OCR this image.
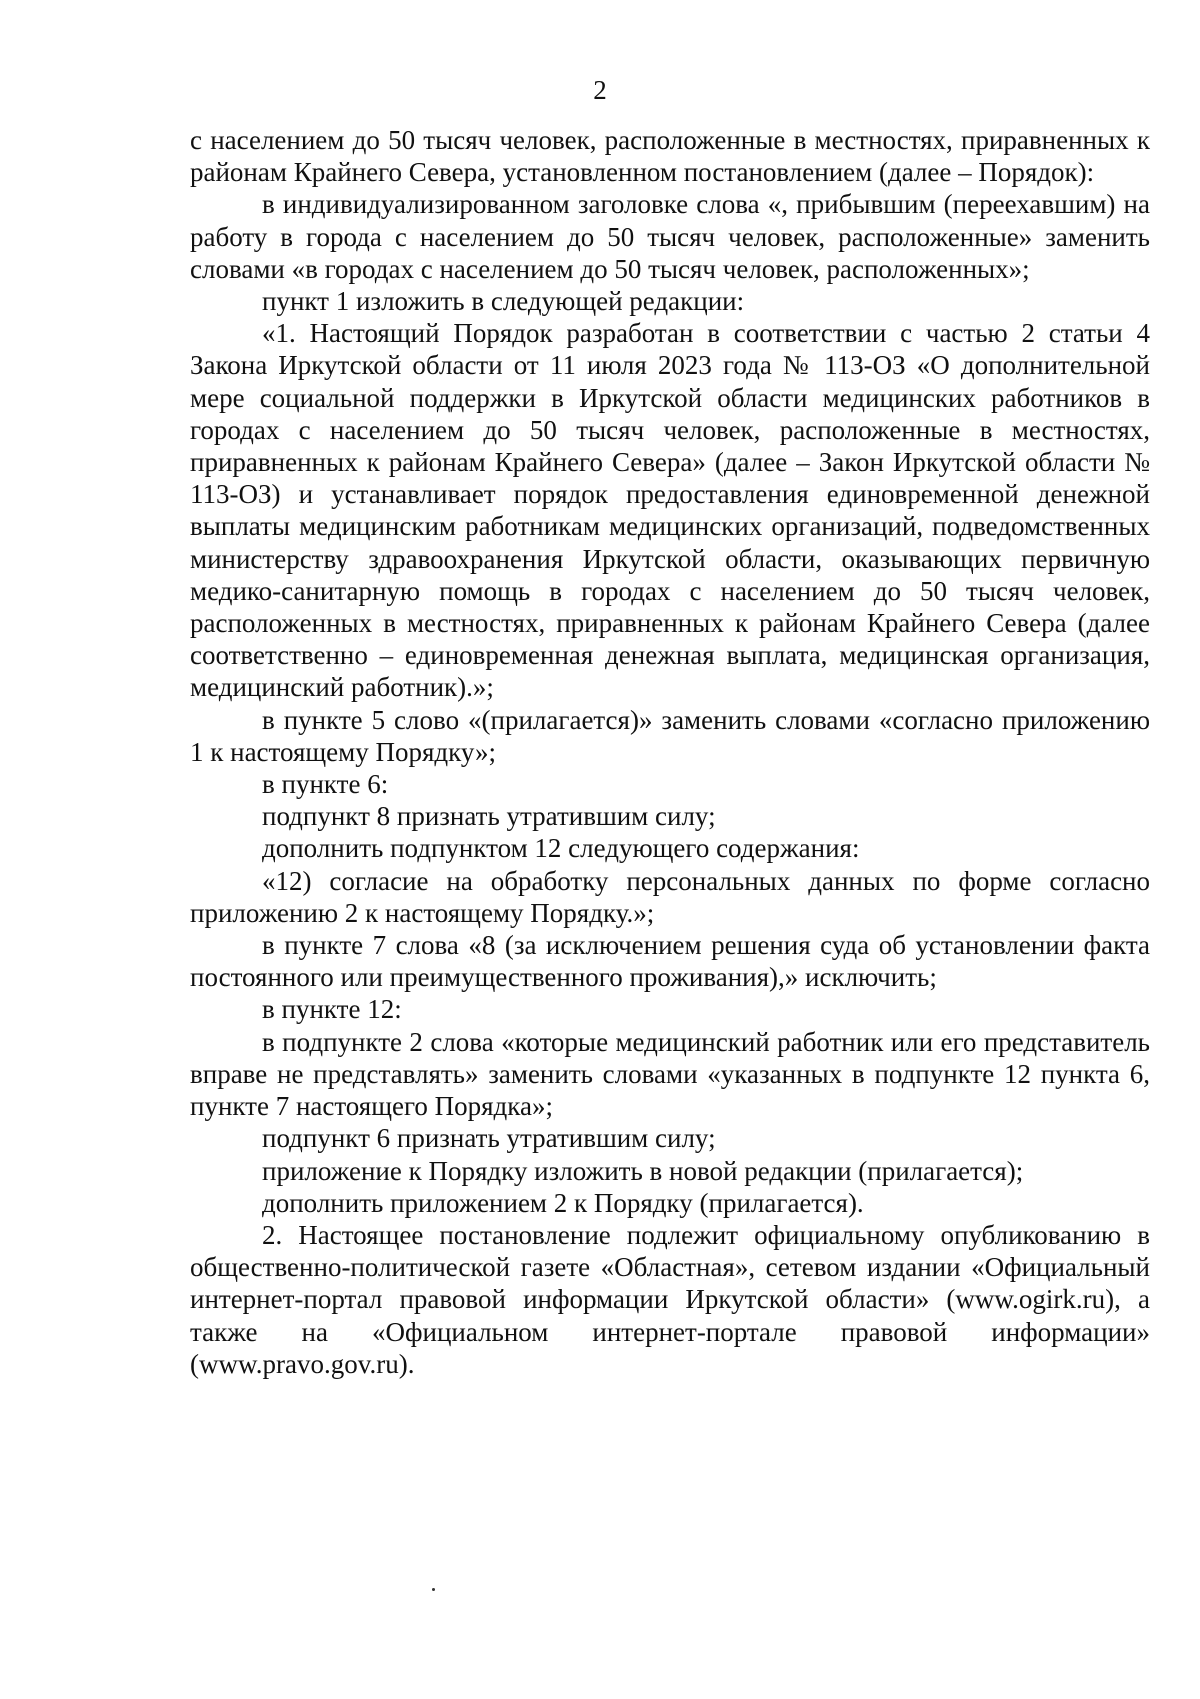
2

с населением до 50 тысяч человек, расположенные в местностях, приравненных к районам Крайнего Севера, установленном постановлением (далее – Порядок):

в индивидуализированном заголовке слова «, прибывшим (переехавшим) на работу в города с населением до 50 тысяч человек, расположенные» заменить словами «в городах с населением до 50 тысяч человек, расположенных»;

пункт 1 изложить в следующей редакции:

«1. Настоящий Порядок разработан в соответствии с частью 2 статьи 4 Закона Иркутской области от 11 июля 2023 года № 113-ОЗ «О дополнительной мере социальной поддержки в Иркутской области медицинских работников в городах с населением до 50 тысяч человек, расположенные в местностях, приравненных к районам Крайнего Севера» (далее – Закон Иркутской области № 113-ОЗ) и устанавливает порядок предоставления единовременной денежной выплаты медицинским работникам медицинских организаций, подведомственных министерству здравоохранения Иркутской области, оказывающих первичную медико-санитарную помощь в городах с населением до 50 тысяч человек, расположенных в местностях, приравненных к районам Крайнего Севера (далее соответственно – единовременная денежная выплата, медицинская организация, медицинский работник).»;

в пункте 5 слово «(прилагается)» заменить словами «согласно приложению 1 к настоящему Порядку»;

в пункте 6:

подпункт 8 признать утратившим силу;

дополнить подпунктом 12 следующего содержания:

«12) согласие на обработку персональных данных по форме согласно приложению 2 к настоящему Порядку.»;

в пункте 7 слова «8 (за исключением решения суда об установлении факта постоянного или преимущественного проживания),» исключить;

в пункте 12:

в подпункте 2 слова «которые медицинский работник или его представитель вправе не представлять» заменить словами «указанных в подпункте 12 пункта 6, пункте 7 настоящего Порядка»;

подпункт 6 признать утратившим силу;

приложение к Порядку изложить в новой редакции (прилагается);

дополнить приложением 2 к Порядку (прилагается).

2. Настоящее постановление подлежит официальному опубликованию в общественно-политической газете «Областная», сетевом издании «Официальный интернет-портал правовой информации Иркутской области» (www.ogirk.ru), а также на «Официальном интернет-портале правовой информации» (www.pravo.gov.ru).
